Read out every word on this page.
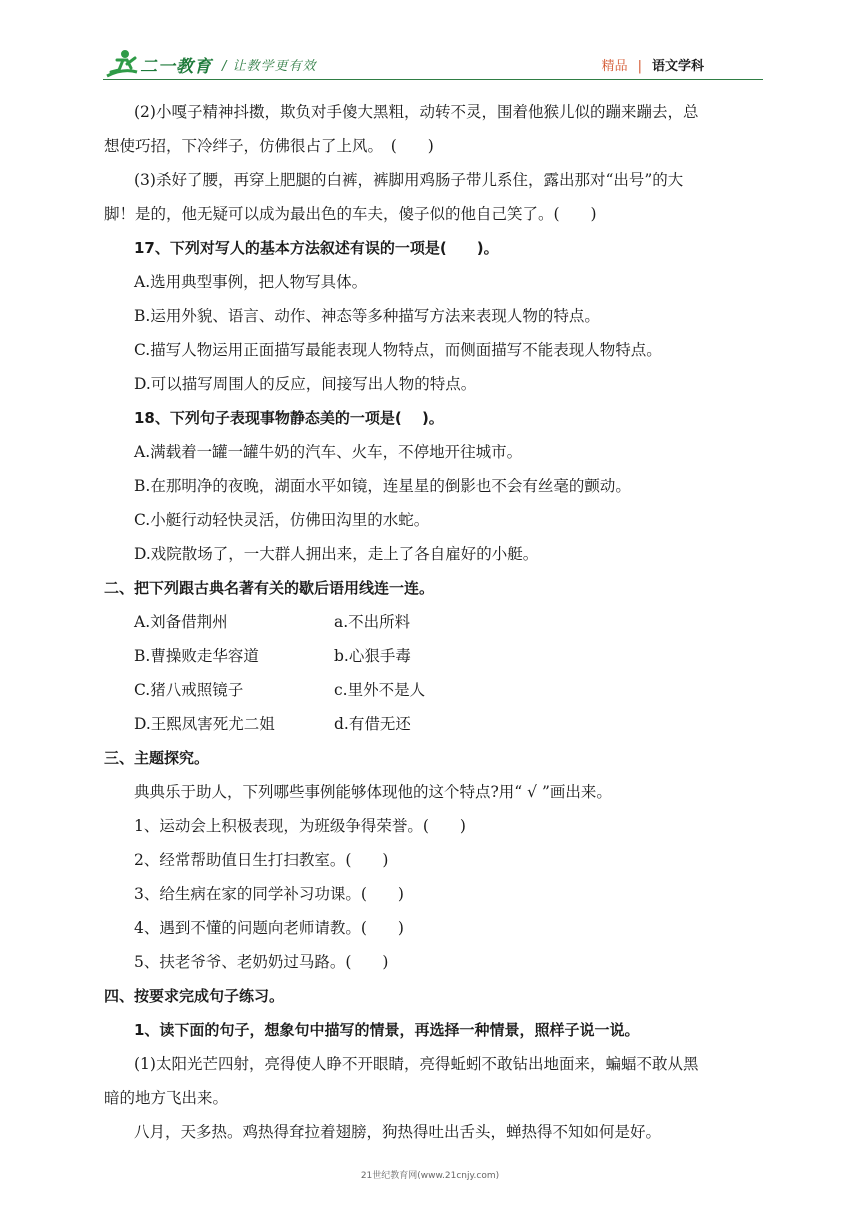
二一教育 / 让教学更有效	精品 | 语文学科
(2)小嘎子精神抖擞，欺负对手傻大黑粗，动转不灵，围着他猴儿似的蹦来蹦去，总
想使巧招，下冷绊子，仿佛很占了上风。　(　　)
(3)杀好了腰，再穿上肥腿的白裤，裤脚用鸡肠子带儿系住，露出那对“出号”的大
脚！是的，他无疑可以成为最出色的车夫，傻子似的他自己笑了。(　　)
17、下列对写人的基本方法叙述有误的一项是(　　)。
A.选用典型事例，把人物写具体。
B.运用外貌、语言、动作、神态等多种描写方法来表现人物的特点。
C.描写人物运用正面描写最能表现人物特点，而侧面描写不能表现人物特点。
D.可以描写周围人的反应，间接写出人物的特点。
18、下列句子表现事物静态美的一项是(　 )。
A.满载着一罐一罐牛奶的汽车、火车，不停地开往城市。
B.在那明净的夜晚，湖面水平如镜，连星星的倒影也不会有丝毫的颤动。
C.小艇行动轻快灵活，仿佛田沟里的水蛇。
D.戏院散场了，一大群人拥出来，走上了各自雇好的小艇。
二、把下列跟古典名著有关的歇后语用线连一连。
A.刘备借荆州	a.不出所料
B.曹操败走华容道	b.心狠手毒
C.猪八戒照镜子	c.里外不是人
D.王熙凤害死尤二姐	d.有借无还
三、主题探究。
典典乐于助人，下列哪些事例能够体现他的这个特点?用“ √ ”画出来。
1、运动会上积极表现，为班级争得荣誉。(　　)
2、经常帮助值日生打扫教室。(　　)
3、给生病在家的同学补习功课。(　　)
4、遇到不懂的问题向老师请教。(　　)
5、扶老爷爷、老奶奶过马路。(　　)
四、按要求完成句子练习。
1、读下面的句子，想象句中描写的情景，再选择一种情景，照样子说一说。
(1)太阳光芒四射，亮得使人睁不开眼睛，亮得蚯蚓不敢钻出地面来，蝙蝠不敢从黑
暗的地方飞出来。
八月，天多热。鸡热得耷拉着翅膀，狗热得吐出舌头，蝉热得不知如何是好。
21世纪教育网(www.21cnjy.com)
